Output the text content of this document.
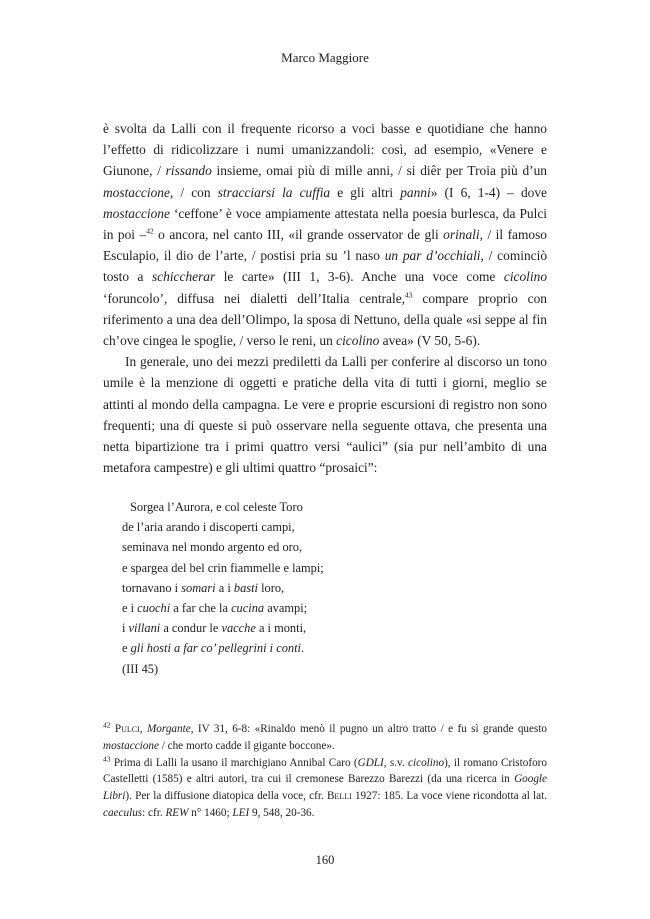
Marco Maggiore

è svolta da Lalli con il frequente ricorso a voci basse e quotidiane che hanno l’effetto di ridicolizzare i numi umanizzandoli: così, ad esempio, «Venere e Giunone, / rissando insieme, omai più di mille anni, / si diêr per Troia più d’un mostaccione, / con stracciarsi la cuffia e gli altri panni» (I 6, 1-4) – dove mostaccione ‘ceffone’ è voce ampiamente attestata nella poesia burlesca, da Pulci in poi –$^{42}$ o ancora, nel canto III, «il grande osservator de gli orinali, / il famoso Esculapio, il dio de l’arte, / postisi pria su ’l naso un par d’occhiali, / cominciò tosto a schiccherar le carte» (III 1, 3-6). Anche una voce come cicolino ‘foruncolo’, diffusa nei dialetti dell’Italia centrale,$^{43}$ compare proprio con riferimento a una dea dell’Olimpo, la sposa di Nettuno, della quale «si seppe al fin ch’ove cingea le spoglie, / verso le reni, un cicolino avea» (V 50, 5-6).

In generale, uno dei mezzi prediletti da Lalli per conferire al discorso un tono umile è la menzione di oggetti e pratiche della vita di tutti i giorni, meglio se attinti al mondo della campagna. Le vere e proprie escursioni di registro non sono frequenti; una di queste si può osservare nella seguente ottava, che presenta una netta bipartizione tra i primi quattro versi “aulici” (sia pur nell’ambito di una metafora campestre) e gli ultimi quattro “prosaici”:

Sorgea l’Aurora, e col celeste Toro
de l’aria arando i discoperti campi,
seminava nel mondo argento ed oro,
e spargea del bel crin fiammelle e lampi;
tornavano i somari a i basti loro,
e i cuochi a far che la cucina avampi;
i villani a condur le vacche a i monti,
e gli hosti a far co’ pellegrini i conti.
(III 45)

$^{42}$ Pulci, Morgante, IV 31, 6-8: «Rinaldo menò il pugno un altro tratto / e fu sì grande questo mostaccione / che morto cadde il gigante boccone».

$^{43}$ Prima di Lalli la usano il marchigiano Annibal Caro (GDLI, s.v. cicolino), il romano Cristoforo Castelletti (1585) e altri autori, tra cui il cremonese Barezzo Barezzi (da una ricerca in Google Libri). Per la diffusione diatopica della voce, cfr. Belli 1927: 185. La voce viene ricondotta al lat. caeculus: cfr. REW n° 1460; LEI 9, 548, 20-36.

160
